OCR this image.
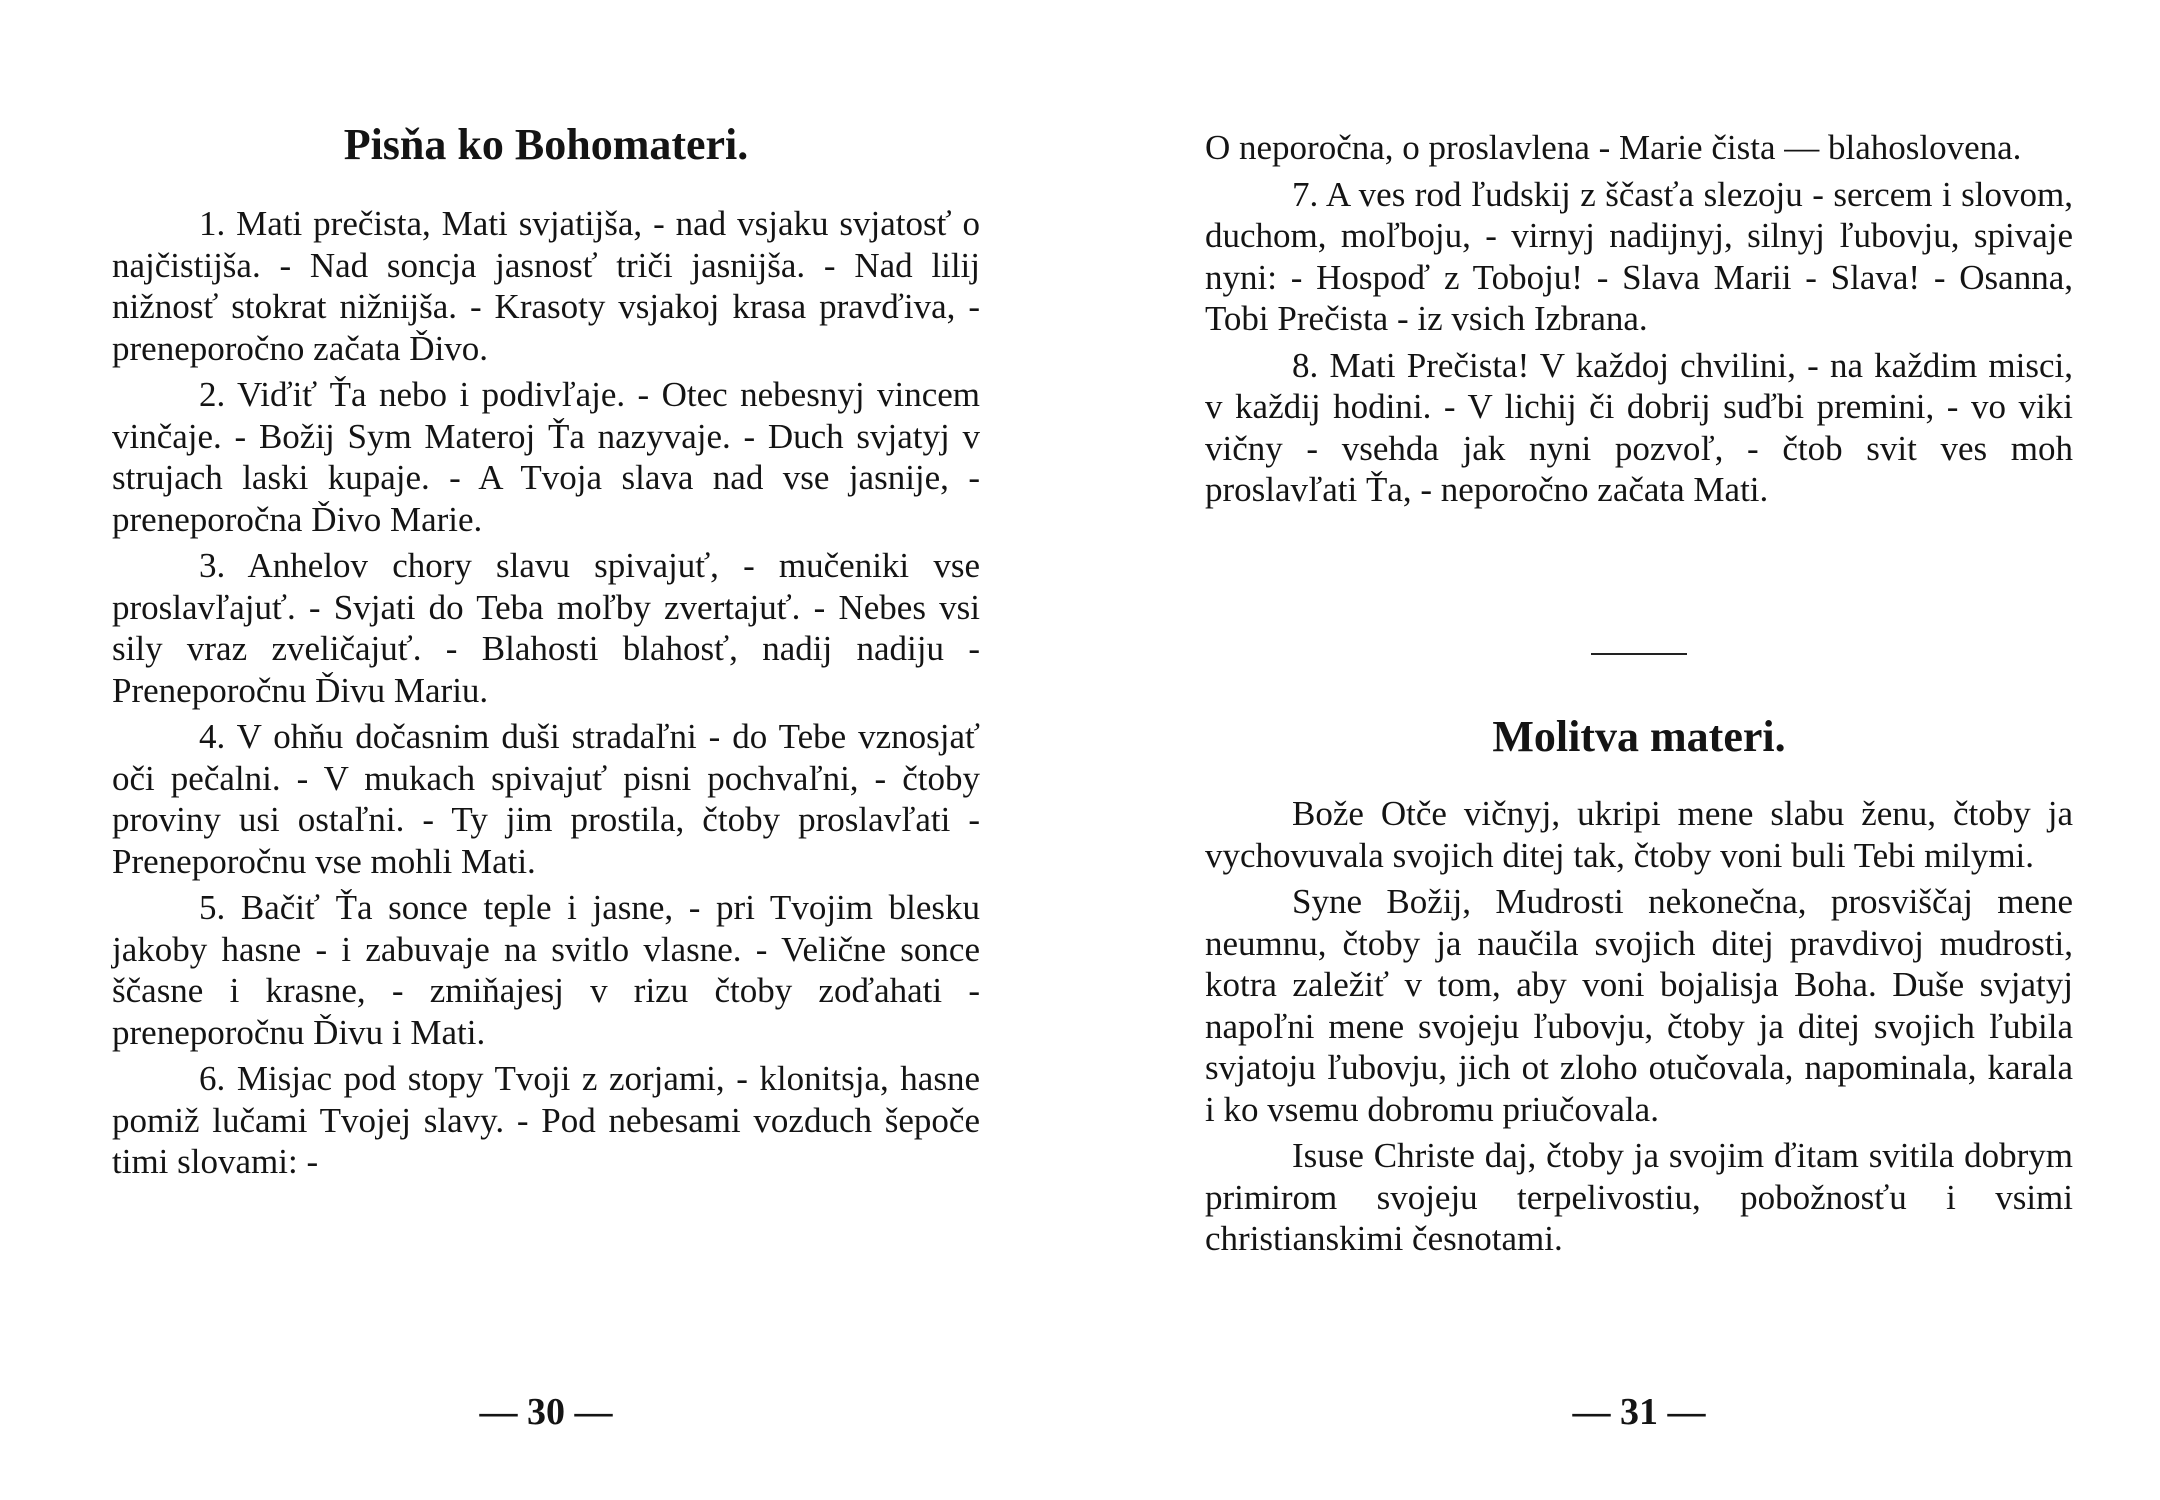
Pisňa ko Bohomateri.

1. Mati prečista, Mati svjatijša, - nad vsjaku svjatosť o najčistijša. - Nad soncja jasnosť triči jasnijša. - Nad lilij nižnosť stokrat nižnijša. - Krasoty vsjakoj krasa pravďiva, - preneporočno začata Ďivo.

2. Viďiť Ťa nebo i podivľaje. - Otec nebesnyj vincem vinčaje. - Božij Sym Materoj Ťa nazyvaje. - Duch svjatyj v strujach laski kupaje. - A Tvoja slava nad vse jasnije, - preneporočna Ďivo Marie.

3. Anhelov chory slavu spivajuť, - mučeniki vse proslavľajuť. - Svjati do Teba moľby zvertajuť. - Nebes vsi sily vraz zveličajuť. - Blahosti blahosť, nadij nadiju - Preneporočnu Ďivu Mariu.

4. V ohňu dočasnim duši stradaľni - do Tebe vznosjať oči pečalni. - V mukach spivajuť pisni pochvaľni, - čtoby proviny usi ostaľni. - Ty jim prostila, čtoby proslavľati - Preneporočnu vse mohli Mati.

5. Bačiť Ťa sonce teple i jasne, - pri Tvojim blesku jakoby hasne - i zabuvaje na svitlo vlasne. - Velične sonce ščasne i krasne, - zmiňajesj v rizu čtoby zoďahati - preneporočnu Ďivu i Mati.

6. Misjac pod stopy Tvoji z zorjami, - klonitsja, hasne pomiž lučami Tvojej slavy. - Pod nebesami vozduch šepoče timi slovami: -

— 30 —

O neporočna, o proslavlena - Marie čista — blahoslovena.

7. A ves rod ľudskij z ščasťa slezoju - sercem i slovom, duchom, moľboju, - virnyj nadijnyj, silnyj ľubovju, spivaje nyni: - Hospoď z Toboju! - Slava Marii - Slava! - Osanna, Tobi Prečista - iz vsich Izbrana.

8. Mati Prečista! V každoj chvilini, - na každim misci, v každij hodini. - V lichij či dobrij suďbi premini, - vo viki vičny - vsehda jak nyni pozvoľ, - čtob svit ves moh proslavľati Ťa, - neporočno začata Mati.

Molitva materi.

Bože Otče vičnyj, ukripi mene slabu ženu, čtoby ja vychovuvala svojich ditej tak, čtoby voni buli Tebi milymi.

Syne Božij, Mudrosti nekonečna, prosviščaj mene neumnu, čtoby ja naučila svojich ditej pravdivoj mudrosti, kotra zaležiť v tom, aby voni bojalisja Boha. Duše svjatyj napoľni mene svojeju ľubovju, čtoby ja ditej svojich ľubila svjatoju ľubovju, jich ot zloho otučovala, napominala, karala i ko vsemu dobromu priučovala.

Isuse Christe daj, čtoby ja svojim ďitam svitila dobrym primirom svojeju terpelivostiu, pobožnosťu i vsimi christianskimi česnotami.

— 31 —
